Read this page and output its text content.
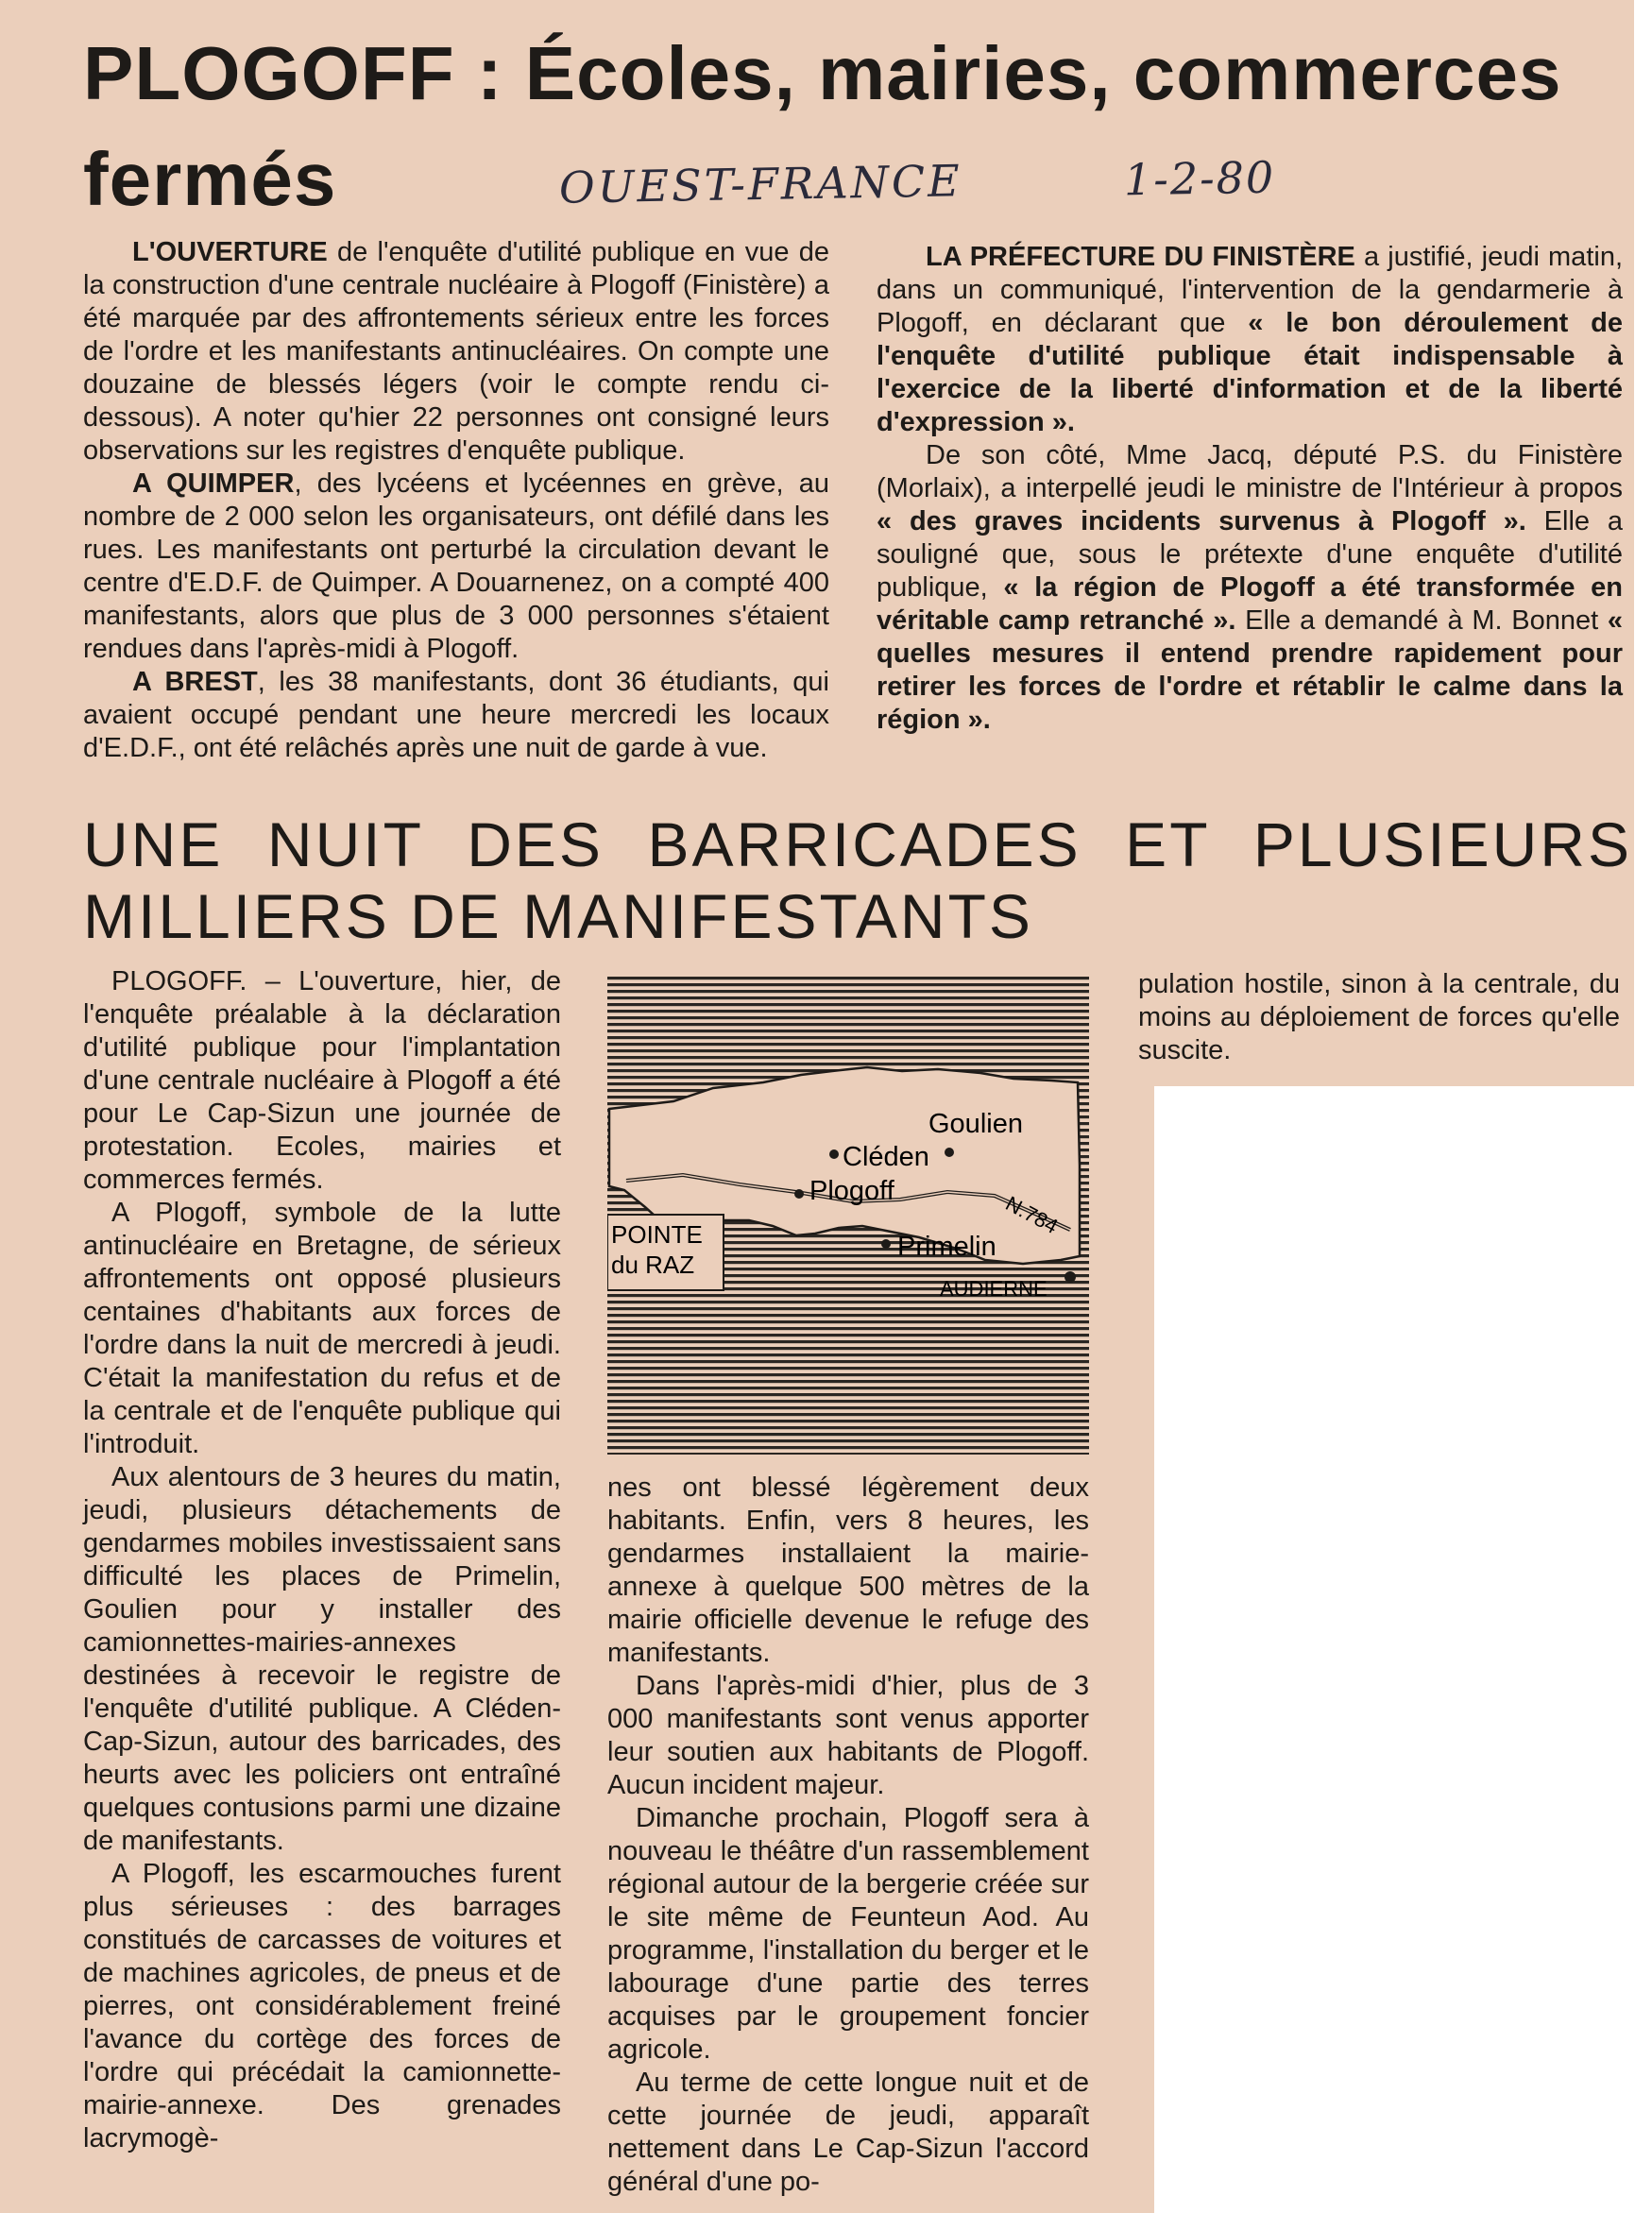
PLOGOFF : Écoles, mairies, commerces fermés	OUEST-FRANCE	1-2-80

L'OUVERTURE de l'enquête d'utilité publique en vue de la construction d'une centrale nucléaire à Plogoff (Finistère) a été marquée par des affrontements sérieux entre les forces de l'ordre et les manifestants antinucléaires. On compte une douzaine de blessés légers (voir le compte rendu ci-dessous). A noter qu'hier 22 personnes ont consigné leurs observations sur les registres d'enquête publique.

A QUIMPER, des lycéens et lycéennes en grève, au nombre de 2 000 selon les organisateurs, ont défilé dans les rues. Les manifestants ont perturbé la circulation devant le centre d'E.D.F. de Quimper. A Douarnenez, on a compté 400 manifestants, alors que plus de 3 000 personnes s'étaient rendues dans l'après-midi à Plogoff.

A BREST, les 38 manifestants, dont 36 étudiants, qui avaient occupé pendant une heure mercredi les locaux d'E.D.F., ont été relâchés après une nuit de garde à vue.

LA PRÉFECTURE DU FINISTÈRE a justifié, jeudi matin, dans un communiqué, l'intervention de la gendarmerie à Plogoff, en déclarant que « le bon déroulement de l'enquête d'utilité publique était indispensable à l'exercice de la liberté d'information et de la liberté d'expression ».

De son côté, Mme Jacq, député P.S. du Finistère (Morlaix), a interpellé jeudi le ministre de l'Intérieur à propos « des graves incidents survenus à Plogoff ». Elle a souligné que, sous le prétexte d'une enquête d'utilité publique, « la région de Plogoff a été transformée en véritable camp retranché ». Elle a demandé à M. Bonnet « quelles mesures il entend prendre rapidement pour retirer les forces de l'ordre et rétablir le calme dans la région ».

UNE NUIT DES BARRICADES ET PLUSIEURS MILLIERS DE MANIFESTANTS

PLOGOFF. – L'ouverture, hier, de l'enquête préalable à la déclaration d'utilité publique pour l'implantation d'une centrale nucléaire à Plogoff a été pour Le Cap-Sizun une journée de protestation. Ecoles, mairies et commerces fermés.

A Plogoff, symbole de la lutte antinucléaire en Bretagne, de sérieux affrontements ont opposé plusieurs centaines d'habitants aux forces de l'ordre dans la nuit de mercredi à jeudi. C'était la manifestation du refus et de la centrale et de l'enquête publique qui l'introduit.

Aux alentours de 3 heures du matin, jeudi, plusieurs détachements de gendarmes mobiles investissaient sans difficulté les places de Primelin, Goulien pour y installer des camionnettes-mairies-annexes destinées à recevoir le registre de l'enquête d'utilité publique. A Cléden-Cap-Sizun, autour des barricades, des heurts avec les policiers ont entraîné quelques contusions parmi une dizaine de manifestants.

A Plogoff, les escarmouches furent plus sérieuses : des barrages constitués de carcasses de voitures et de machines agricoles, de pneus et de pierres, ont considérablement freiné l'avance du cortège des forces de l'ordre qui précédait la camionnette-mairie-annexe. Des grenades lacrymogè-

Goulien
Cléden
Plogoff
Primelin
AUDIERNE
POINTE
du RAZ
N.784

nes ont blessé légèrement deux habitants. Enfin, vers 8 heures, les gendarmes installaient la mairie-annexe à quelque 500 mètres de la mairie officielle devenue le refuge des manifestants.

Dans l'après-midi d'hier, plus de 3 000 manifestants sont venus apporter leur soutien aux habitants de Plogoff. Aucun incident majeur.

Dimanche prochain, Plogoff sera à nouveau le théâtre d'un rassemblement régional autour de la bergerie créée sur le site même de Feunteun Aod. Au programme, l'installation du berger et le labourage d'une partie des terres acquises par le groupement foncier agricole.

Au terme de cette longue nuit et de cette journée de jeudi, apparaît nettement dans Le Cap-Sizun l'accord général d'une po-

pulation hostile, sinon à la centrale, du moins au déploiement de forces qu'elle suscite.
